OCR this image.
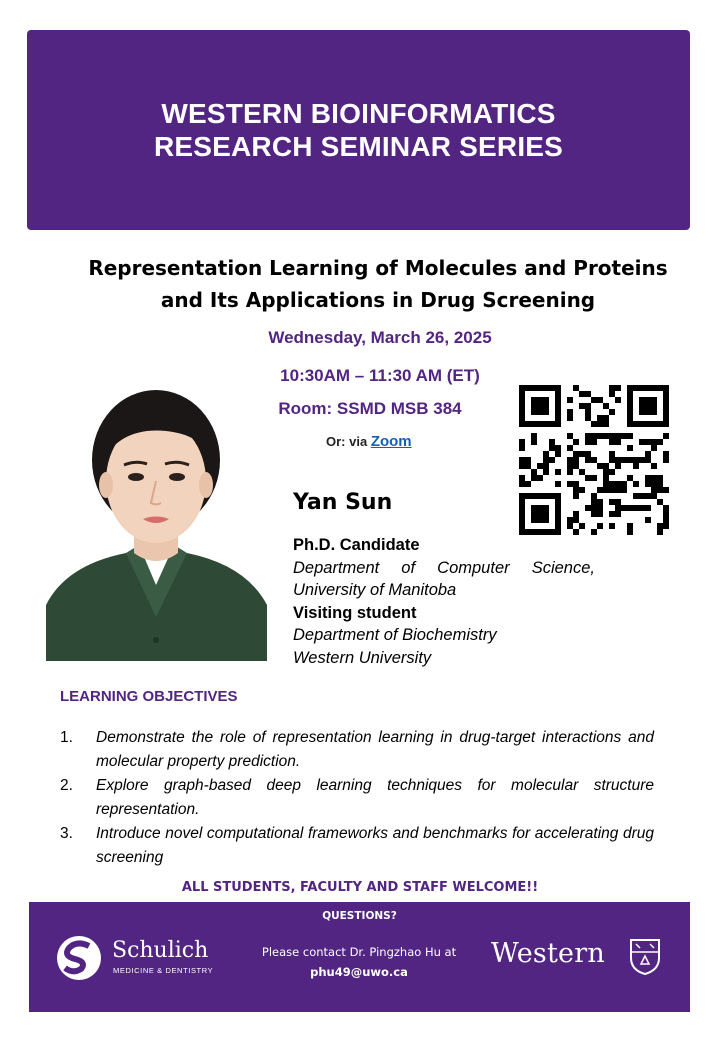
WESTERN BIOINFORMATICS
RESEARCH SEMINAR SERIES
Representation Learning of Molecules and Proteins
and Its Applications in Drug Screening
Wednesday, March 26, 2025
10:30AM – 11:30 AM (ET)
Room: SSMD MSB 384
Or: via Zoom
Yan Sun
Ph.D. Candidate
Department of Computer Science,
University of Manitoba
Visiting student
Department of Biochemistry
Western University
LEARNING OBJECTIVES
1. Demonstrate the role of representation learning in drug-target interactions and molecular property prediction.
2. Explore graph-based deep learning techniques for molecular structure representation.
3. Introduce novel computational frameworks and benchmarks for accelerating drug screening
ALL STUDENTS, FACULTY AND STAFF WELCOME!!
QUESTIONS?
Schulich
MEDICINE & DENTISTRY
Please contact Dr. Pingzhao Hu at
phu49@uwo.ca
Western
